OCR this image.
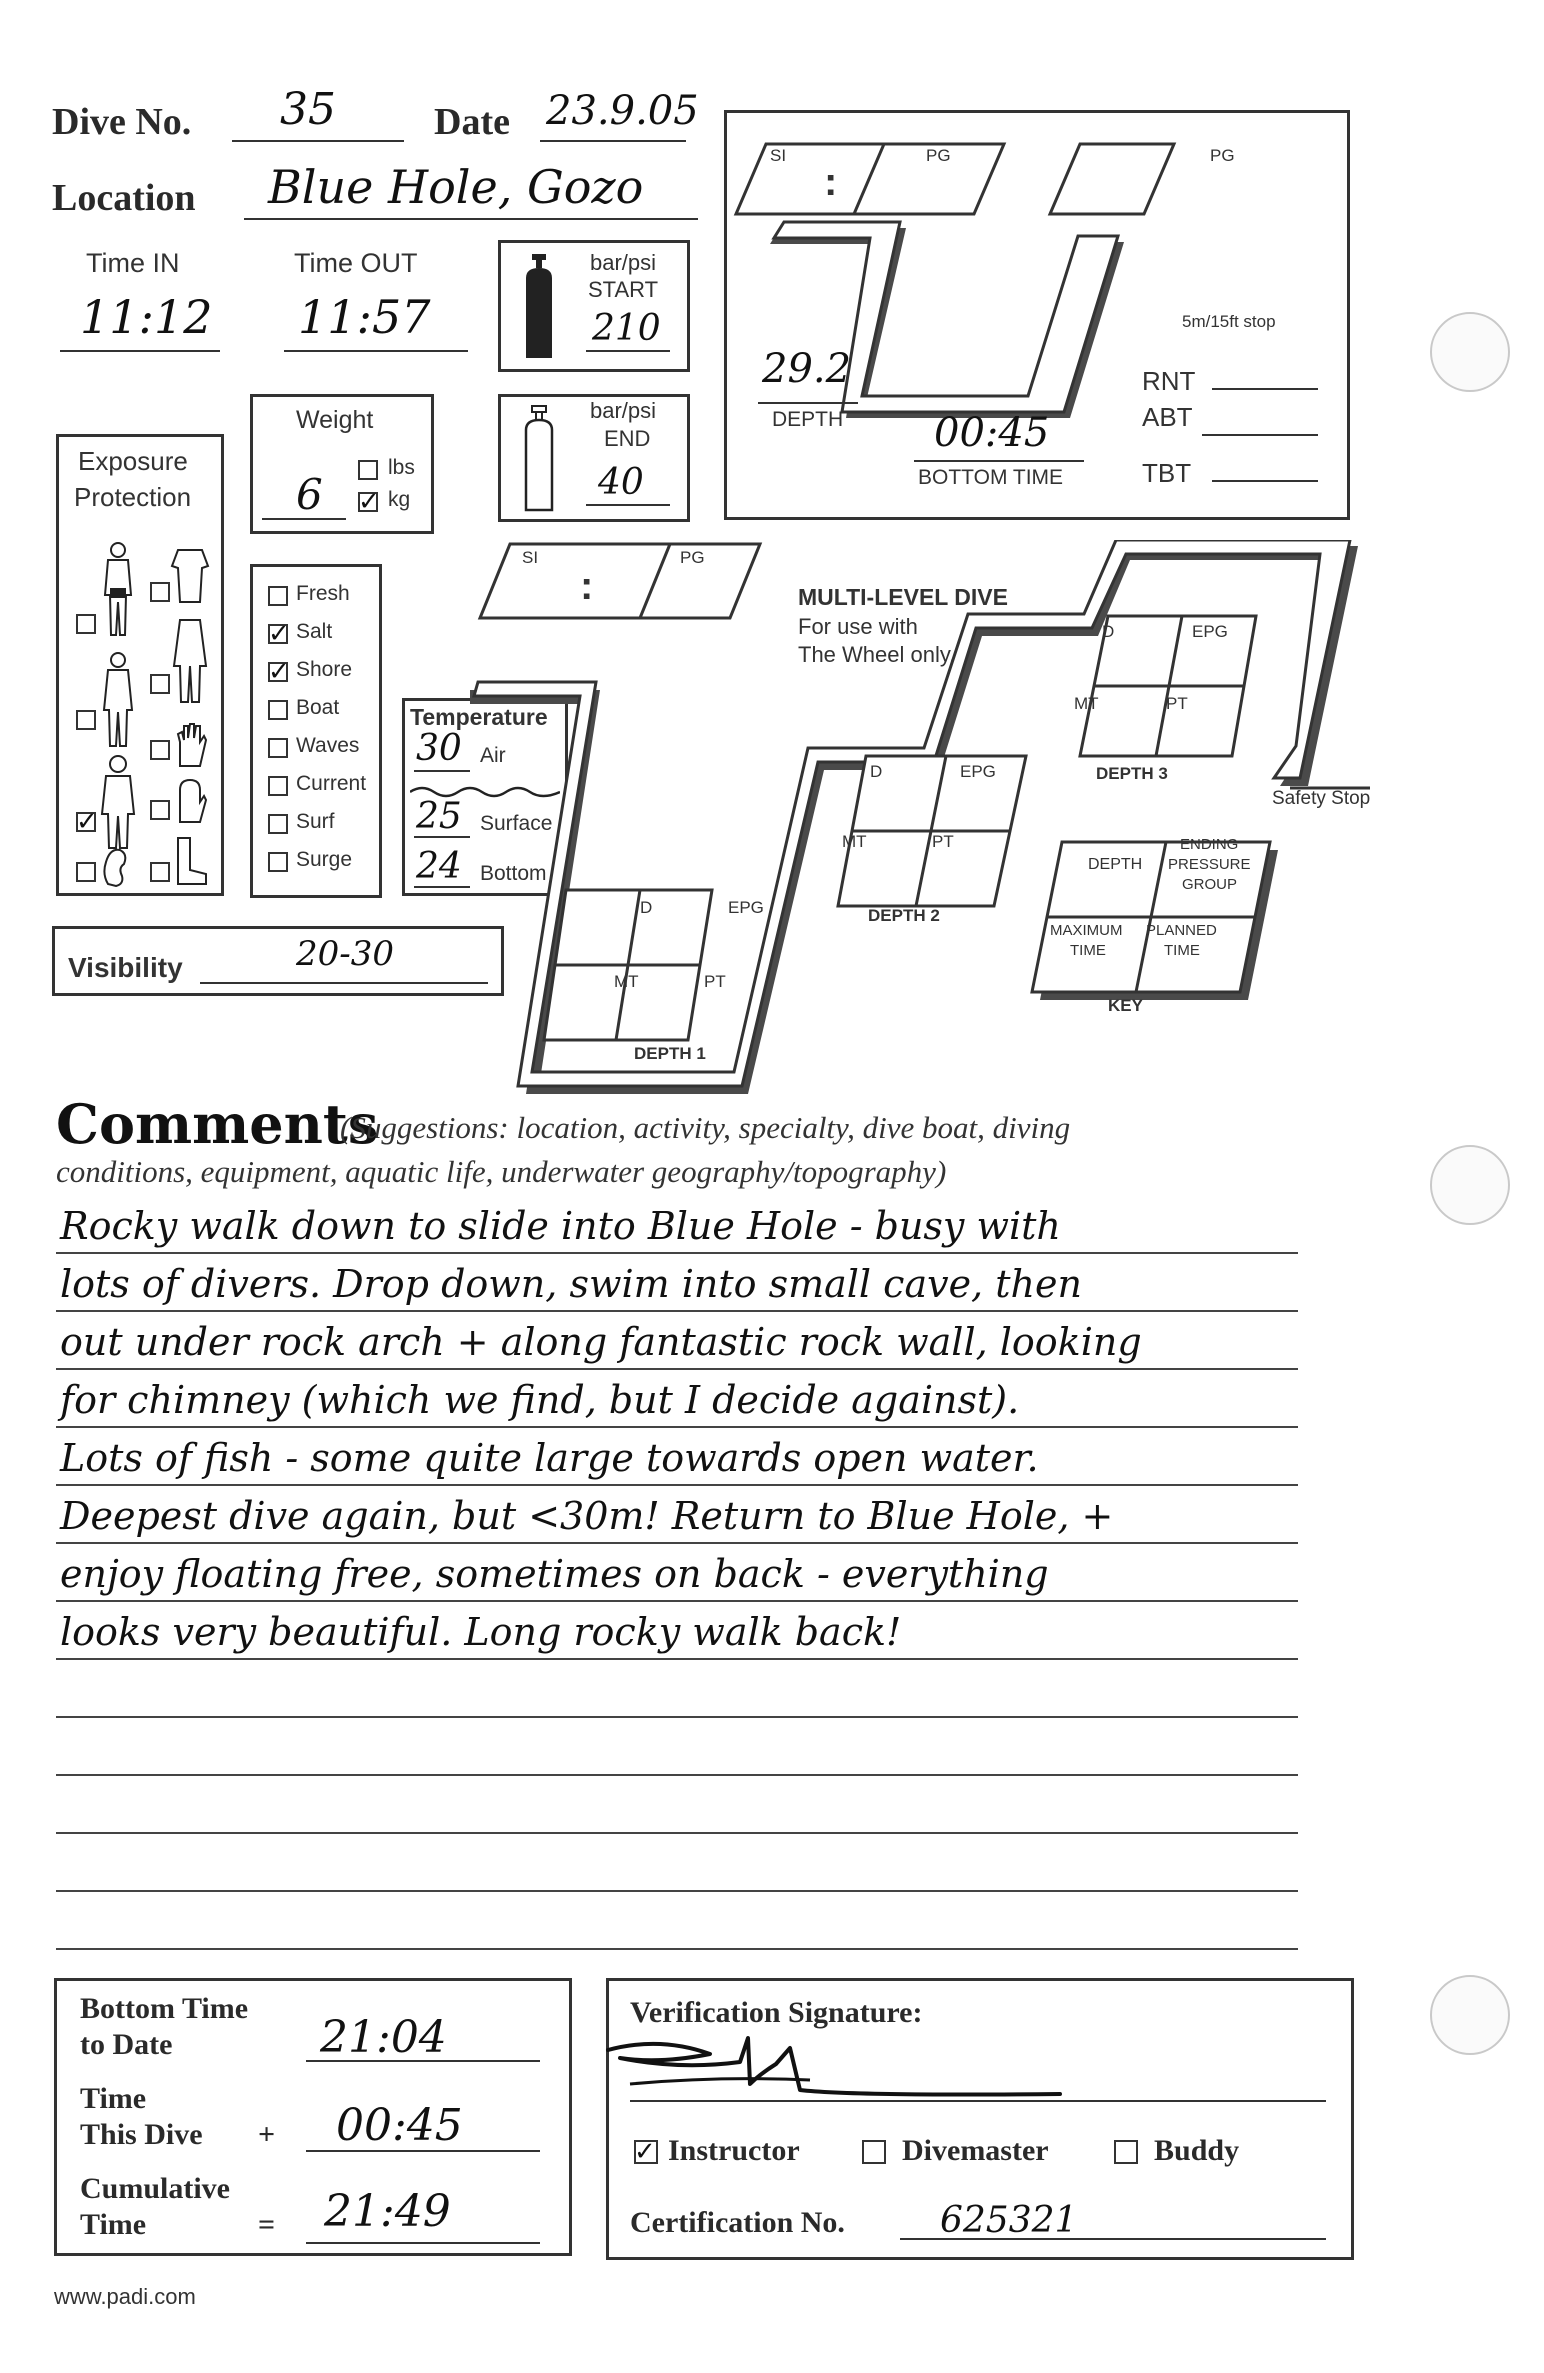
Dive No. 35	Date 23.9.05
Location Blue Hole, Gozo
Time IN
11:12
Time OUT
11:57
bar/psi
START
210
bar/psi
END
40
Weight
6
lbs
✓ kg
Exposure
Protection
✓
Fresh
✓ Salt
✓ Shore
Boat
Waves
Current
Surf
Surge
Temperature
30 Air
25 Surface
24 Bottom
Visibility	20-30
SI
:
PG	PG
5m/15ft stop
29.2
DEPTH 00:45
BOTTOM TIME
RNT
ABT
TBT
SI
:
PG
MULTI-LEVEL DIVE
For use with
The Wheel only.
D	EPG
MT	PT
DEPTH 1
D	EPG
MT	PT
DEPTH 2
D	EPG
MT	PT
DEPTH 3
Safety Stop
DEPTH
ENDING
PRESSURE
GROUP
MAXIMUM
TIME
PLANNED
TIME
KEY
Comments
(Suggestions: location, activity, specialty, dive boat, diving
conditions, equipment, aquatic life, underwater geography/topography)
Rocky walk down to slide into Blue Hole - busy with
lots of divers. Drop down, swim into small cave, then
out under rock arch + along fantastic rock wall, looking
for chimney (which we find, but I decide against).
Lots of fish - some quite large towards open water.
Deepest dive again, but <30m! Return to Blue Hole, +
enjoy floating free, sometimes on back - everything
looks very beautiful. Long rocky walk back!
Bottom Time
to Date	21:04
Time
This Dive + 00:45
Cumulative
Time	= 21:49
Verification Signature:
✓ Instructor	Divemaster	Buddy
Certification No.	625321
www.padi.com
